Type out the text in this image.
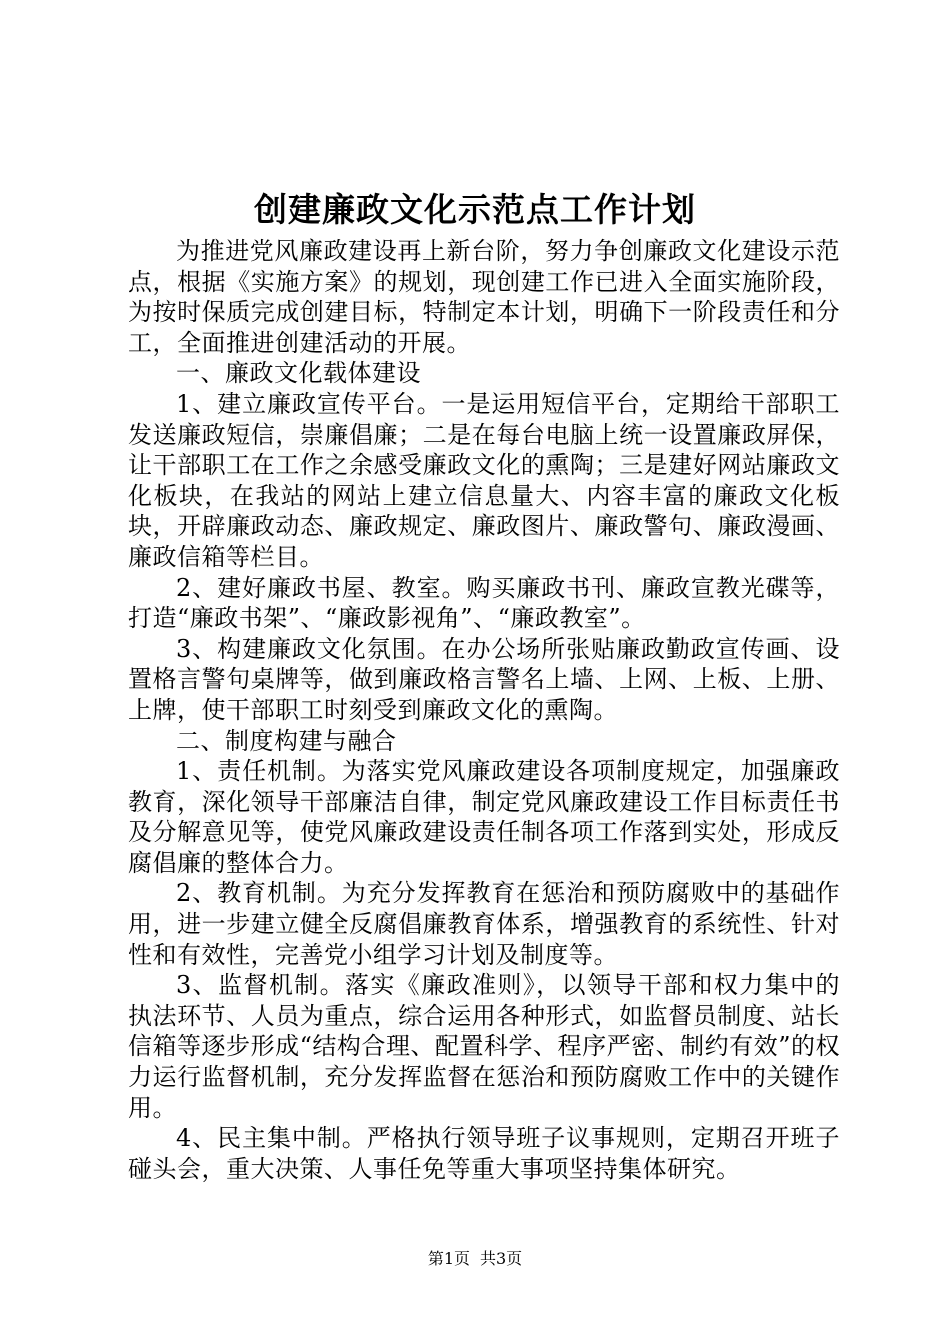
创建廉政文化示范点工作计划

为推进党风廉政建设再上新台阶，努力争创廉政文化建设示范点，根据《实施方案》的规划，现创建工作已进入全面实施阶段，为按时保质完成创建目标，特制定本计划，明确下一阶段责任和分工，全面推进创建活动的开展。

一、廉政文化载体建设

1、建立廉政宣传平台。一是运用短信平台，定期给干部职工发送廉政短信，崇廉倡廉；二是在每台电脑上统一设置廉政屏保，让干部职工在工作之余感受廉政文化的熏陶；三是建好网站廉政文化板块，在我站的网站上建立信息量大、内容丰富的廉政文化板块，开辟廉政动态、廉政规定、廉政图片、廉政警句、廉政漫画、廉政信箱等栏目。

2、建好廉政书屋、教室。购买廉政书刊、廉政宣教光碟等，打造“廉政书架”、“廉政影视角”、“廉政教室”。

3、构建廉政文化氛围。在办公场所张贴廉政勤政宣传画、设置格言警句桌牌等，做到廉政格言警名上墙、上网、上板、上册、上牌，使干部职工时刻受到廉政文化的熏陶。

二、制度构建与融合

1、责任机制。为落实党风廉政建设各项制度规定，加强廉政教育，深化领导干部廉洁自律，制定党风廉政建设工作目标责任书及分解意见等，使党风廉政建设责任制各项工作落到实处，形成反腐倡廉的整体合力。

2、教育机制。为充分发挥教育在惩治和预防腐败中的基础作用，进一步建立健全反腐倡廉教育体系，增强教育的系统性、针对性和有效性，完善党小组学习计划及制度等。

3、监督机制。落实《廉政准则》，以领导干部和权力集中的执法环节、人员为重点，综合运用各种形式，如监督员制度、站长信箱等逐步形成“结构合理、配置科学、程序严密、制约有效”的权力运行监督机制，充分发挥监督在惩治和预防腐败工作中的关键作用。

4、民主集中制。严格执行领导班子议事规则，定期召开班子碰头会，重大决策、人事任免等重大事项坚持集体研究。

第1页 共3页
